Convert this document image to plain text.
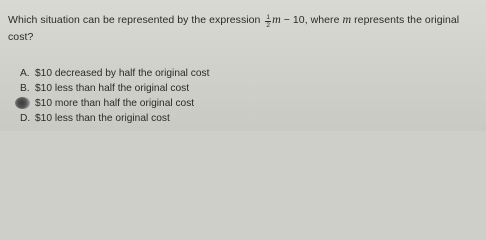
Which situation can be represented by the expression $\frac{1}{2}$ m − 10, where m represents the original cost?
A. $10 decreased by half the original cost
B. $10 less than half the original cost
$10 more than half the original cost
D. $10 less than the original cost
